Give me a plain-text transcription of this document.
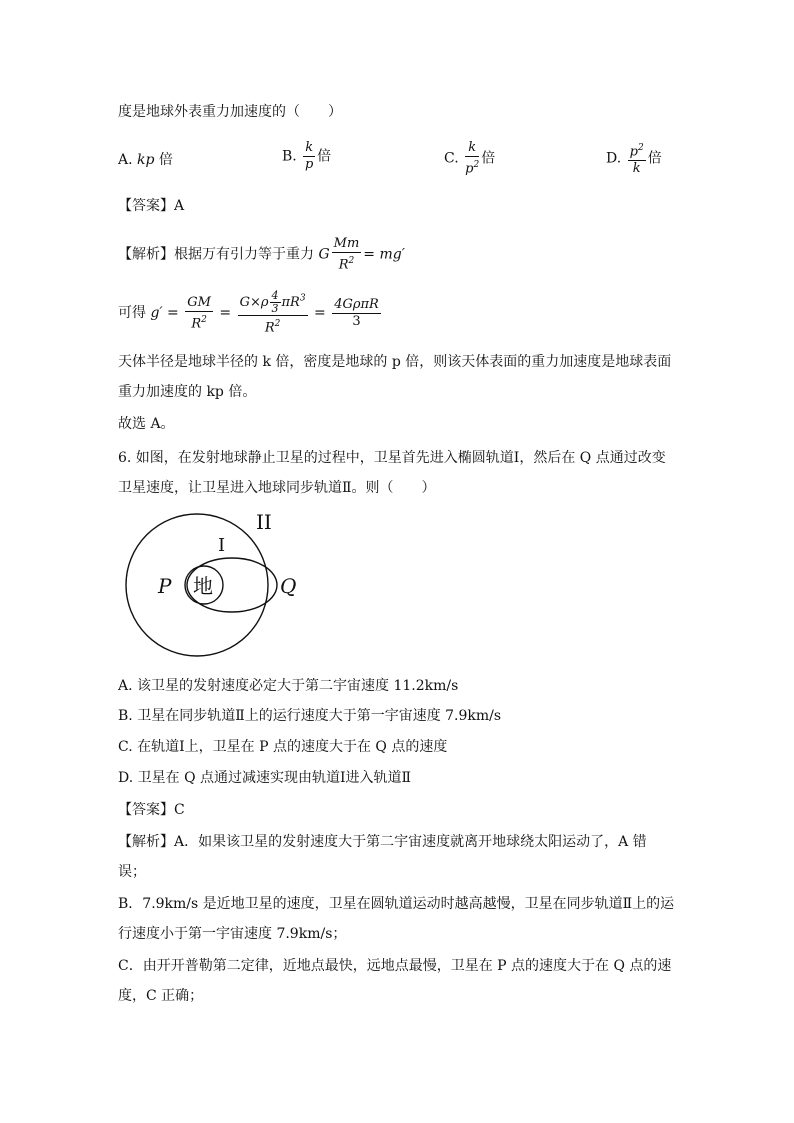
度是地球外表重力加速度的（　　）
A. kp 倍	B. $\frac{k}{p}$ 倍	C. $\frac{k}{p^2}$ 倍	D. $\frac{p^2}{k}$ 倍
【答案】A
【解析】根据万有引力等于重力 G $\frac{Mm}{R^2} = mg'$
可得 $g' = \frac{GM}{R^2} = \frac{G\times\rho \frac{4}{3} \pi R^3}{R^2} = \frac{\text{4GρπR}}{3}$
天体半径是地球半径的 k 倍，密度是地球的 p 倍，则该天体表面的重力加速度是地球表面
重力加速度的 kp 倍。
故选 A。
6. 如图，在发射地球静止卫星的过程中，卫星首先进入椭圆轨道Ⅰ，然后在 Q 点通过改变
卫星速度，让卫星进入地球同步轨道Ⅱ。则（　　）
II
I
P	Q
地
A. 该卫星的发射速度必定大于第二宇宙速度 11.2km/s
B. 卫星在同步轨道Ⅱ上的运行速度大于第一宇宙速度 7.9km/s
C. 在轨道Ⅰ上，卫星在 P 点的速度大于在 Q 点的速度
D. 卫星在 Q 点通过减速实现由轨道Ⅰ进入轨道Ⅱ
【答案】C
【解析】A．如果该卫星的发射速度大于第二宇宙速度就离开地球绕太阳运动了，A 错
误；
B．7.9km/s 是近地卫星的速度，卫星在圆轨道运动时越高越慢，卫星在同步轨道Ⅱ上的运
行速度小于第一宇宙速度 7.9km/s；
C．由开开普勒第二定律，近地点最快，远地点最慢，卫星在 P 点的速度大于在 Q 点的速
度，C 正确；
